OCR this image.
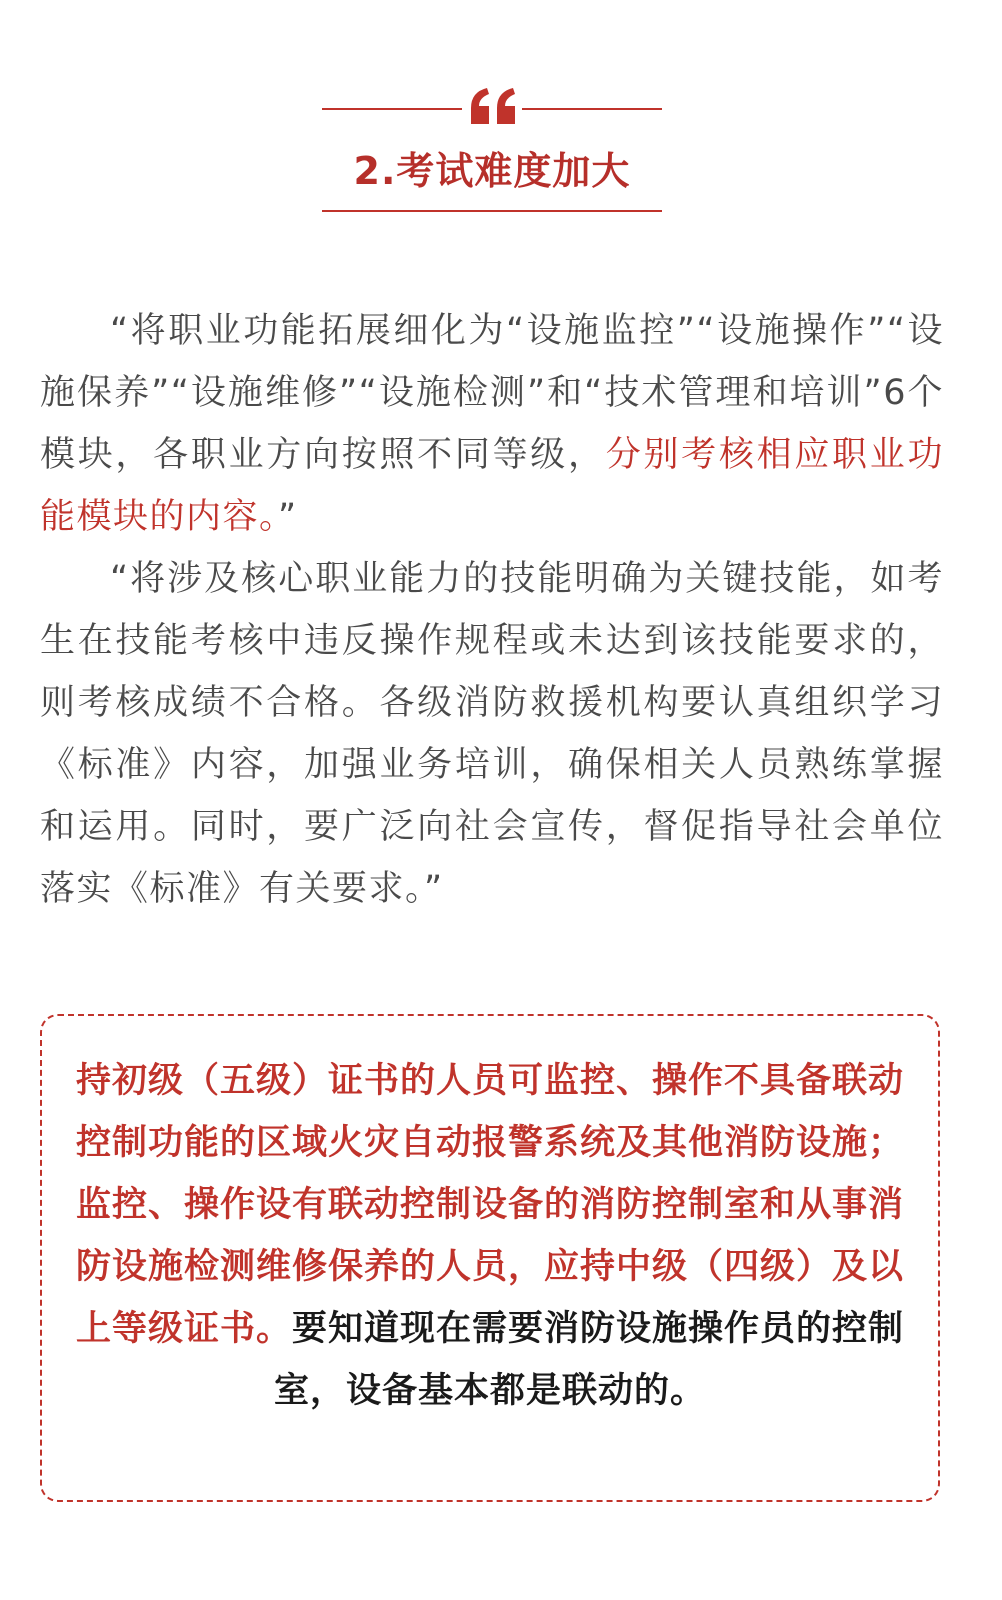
2.考试难度加大

“将职业功能拓展细化为“设施监控”“设施操作”“设施保养”“设施维修”“设施检测”和“技术管理和培训”6个模块，各职业方向按照不同等级，分别考核相应职业功能模块的内容。”

“将涉及核心职业能力的技能明确为关键技能，如考生在技能考核中违反操作规程或未达到该技能要求的，则考核成绩不合格。各级消防救援机构要认真组织学习《标准》内容，加强业务培训，确保相关人员熟练掌握和运用。同时，要广泛向社会宣传，督促指导社会单位落实《标准》有关要求。”

持初级（五级）证书的人员可监控、操作不具备联动控制功能的区域火灾自动报警系统及其他消防设施；监控、操作设有联动控制设备的消防控制室和从事消防设施检测维修保养的人员，应持中级（四级）及以上等级证书。要知道现在需要消防设施操作员的控制室，设备基本都是联动的。
